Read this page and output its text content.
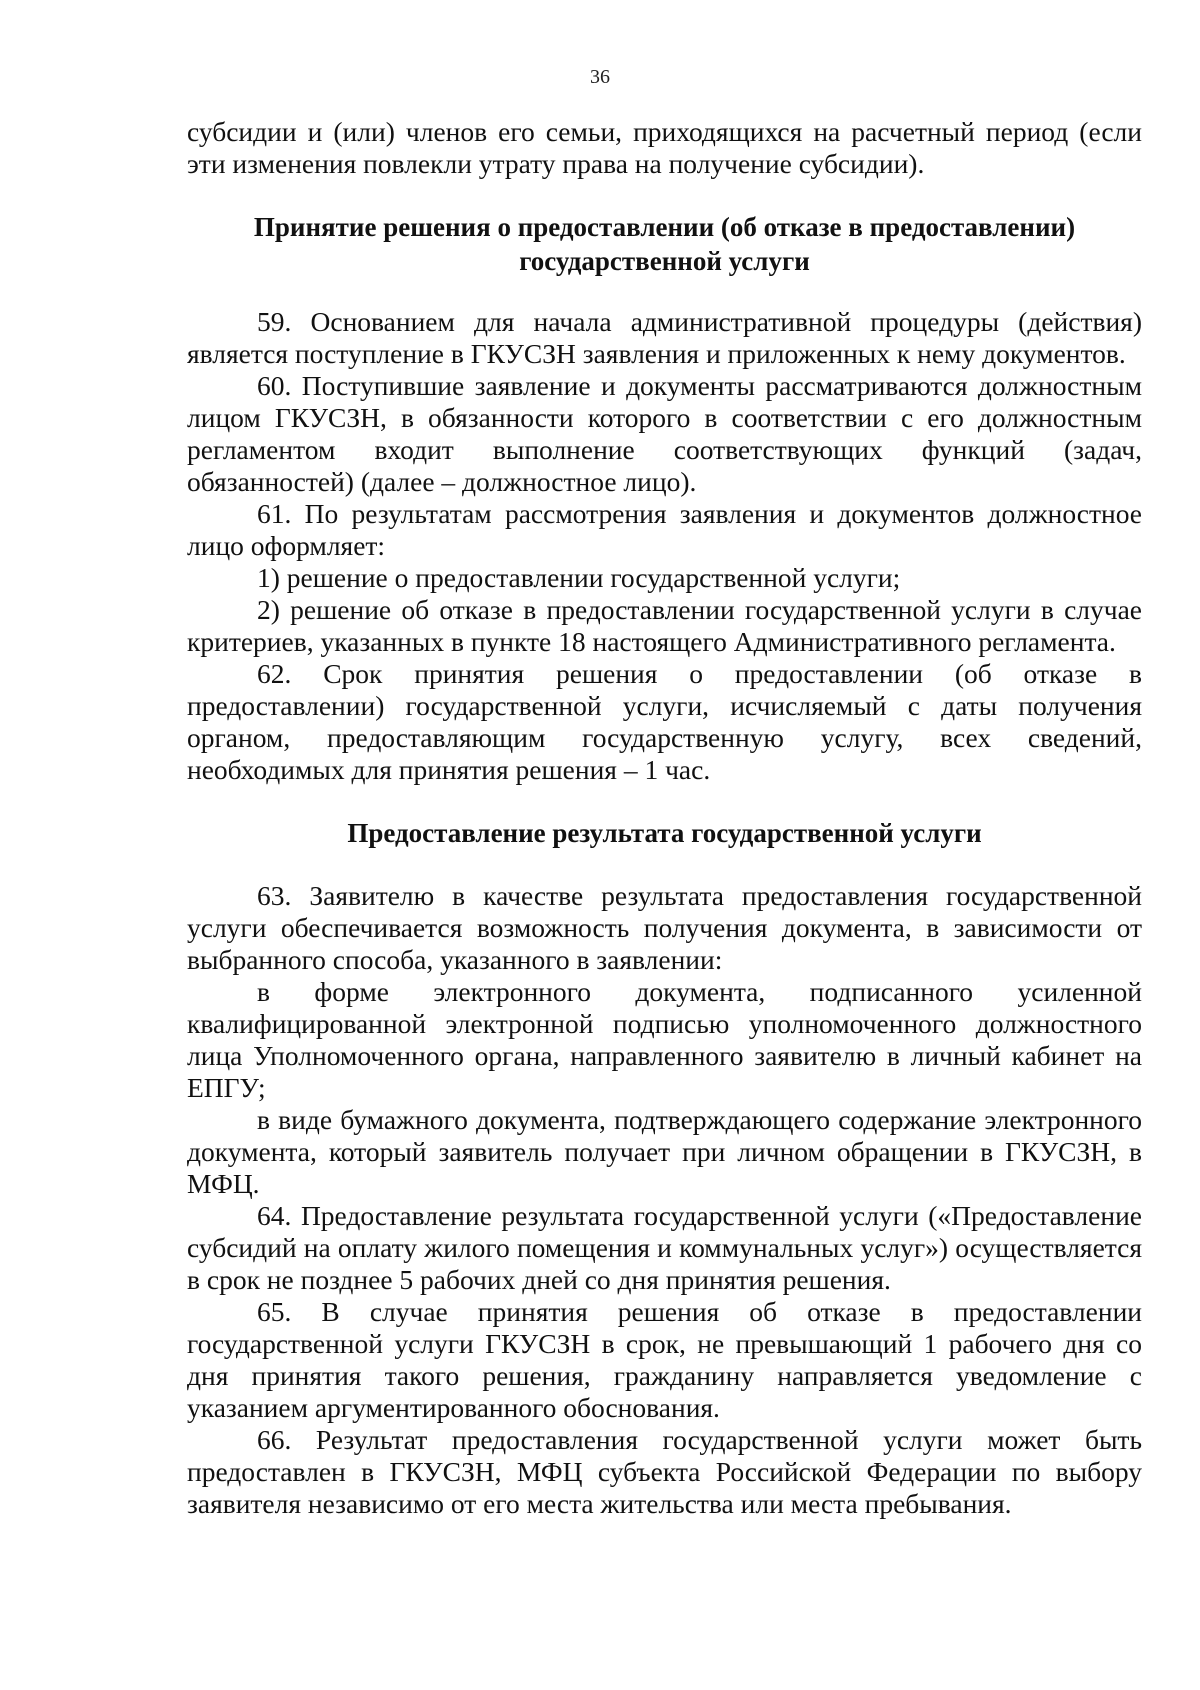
36

субсидии и (или) членов его семьи, приходящихся на расчетный период (если эти изменения повлекли утрату права на получение субсидии).

Принятие решения о предоставлении (об отказе в предоставлении)
государственной услуги

59. Основанием для начала административной процедуры (действия) является поступление в ГКУСЗН заявления и приложенных к нему документов.

60. Поступившие заявление и документы рассматриваются должностным лицом ГКУСЗН, в обязанности которого в соответствии с его должностным регламентом входит выполнение соответствующих функций (задач, обязанностей) (далее – должностное лицо).

61. По результатам рассмотрения заявления и документов должностное лицо оформляет:

1) решение о предоставлении государственной услуги;

2) решение об отказе в предоставлении государственной услуги в случае критериев, указанных в пункте 18 настоящего Административного регламента.

62. Срок принятия решения о предоставлении (об отказе в предоставлении) государственной услуги, исчисляемый с даты получения органом, предоставляющим государственную услугу, всех сведений, необходимых для принятия решения – 1 час.

Предоставление результата государственной услуги

63. Заявителю в качестве результата предоставления государственной услуги обеспечивается возможность получения документа, в зависимости от выбранного способа, указанного в заявлении:

в форме электронного документа, подписанного усиленной квалифицированной электронной подписью уполномоченного должностного лица Уполномоченного органа, направленного заявителю в личный кабинет на ЕПГУ;

в виде бумажного документа, подтверждающего содержание электронного документа, который заявитель получает при личном обращении в ГКУСЗН, в МФЦ.

64. Предоставление результата государственной услуги («Предоставление субсидий на оплату жилого помещения и коммунальных услуг») осуществляется в срок не позднее 5 рабочих дней со дня принятия решения.

65. В случае принятия решения об отказе в предоставлении государственной услуги ГКУСЗН в срок, не превышающий 1 рабочего дня со дня принятия такого решения, гражданину направляется уведомление с указанием аргументированного обоснования.

66. Результат предоставления государственной услуги может быть предоставлен в ГКУСЗН, МФЦ субъекта Российской Федерации по выбору заявителя независимо от его места жительства или места пребывания.
